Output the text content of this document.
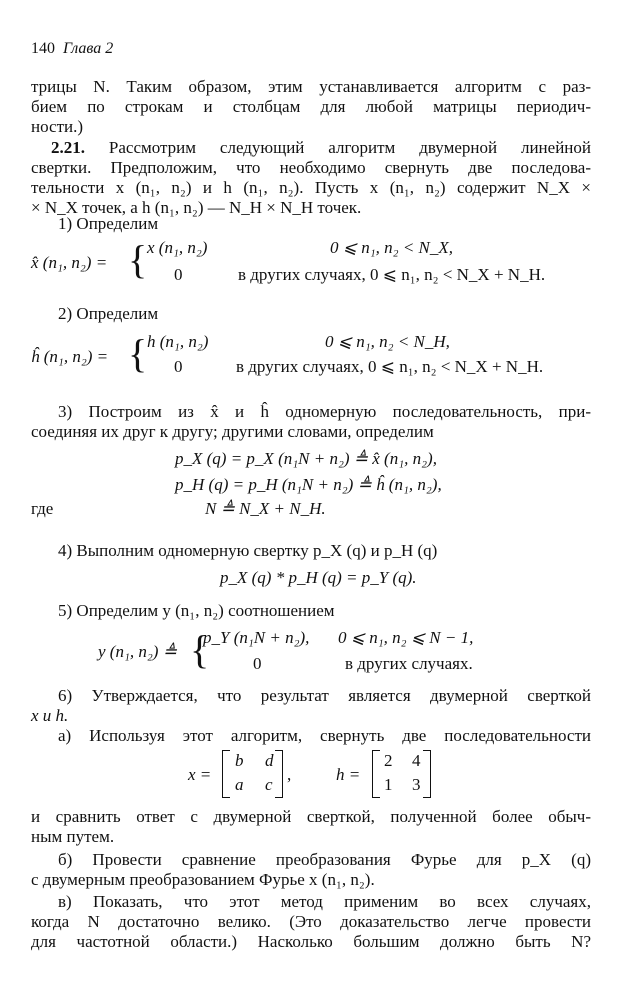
140 Глава 2
трицы N. Таким образом, этим устанавливается алгоритм с раз-
бием по строкам и столбцам для любой матрицы периодич-
ности.)
2.21. Рассмотрим следующий алгоритм двумерной линейной
свертки. Предположим, что необходимо свернуть две последова-
тельности x (n₁, n₂) и h (n₁, n₂). Пусть x (n₁, n₂) содержит N_X ×
× N_X точек, а h (n₁, n₂) — N_H × N_H точек.
1) Определим
x̂ (n₁, n₂) = { x (n₁, n₂)	0 ⩽ n₁, n₂ < N_X,
0	в других случаях, 0 ⩽ n₁, n₂ < N_X + N_H.
2) Определим
ĥ (n₁, n₂) = { h (n₁, n₂)	0 ⩽ n₁, n₂ < N_H,
0	в других случаях, 0 ⩽ n₁, n₂ < N_X + N_H.
3) Построим из x̂ и ĥ одномерную последовательность, при-
соединяя их друг к другу; другими словами, определим
p_X (q) = p_X (n₁N + n₂) ≜ x̂ (n₁, n₂),
p_H (q) = p_H (n₁N + n₂) ≜ ĥ (n₁, n₂),
где	N ≜ N_X + N_H.
4) Выполним одномерную свертку p_X (q) и p_H (q)
p_X (q) * p_H (q) = p_Y (q).
5) Определим y (n₁, n₂) соотношением
y (n₁, n₂) ≜ {
p_Y (n₁N + n₂), 0 ⩽ n₁, n₂ ⩽ N − 1,
0	в других случаях.
6) Утверждается, что результат является двумерной сверткой
x и h.
а) Используя этот алгоритм, свернуть две последовательности
x =
b d
a c
,	h =
2 4
1 3
и сравнить ответ с двумерной сверткой, полученной более обыч-
ным путем.
б) Провести сравнение преобразования Фурье для p_X (q)
с двумерным преобразованием Фурье x (n₁, n₂).
в) Показать, что этот метод применим во всех случаях,
когда N достаточно велико. (Это доказательство легче провести
для частотной области.) Насколько большим должно быть N?
